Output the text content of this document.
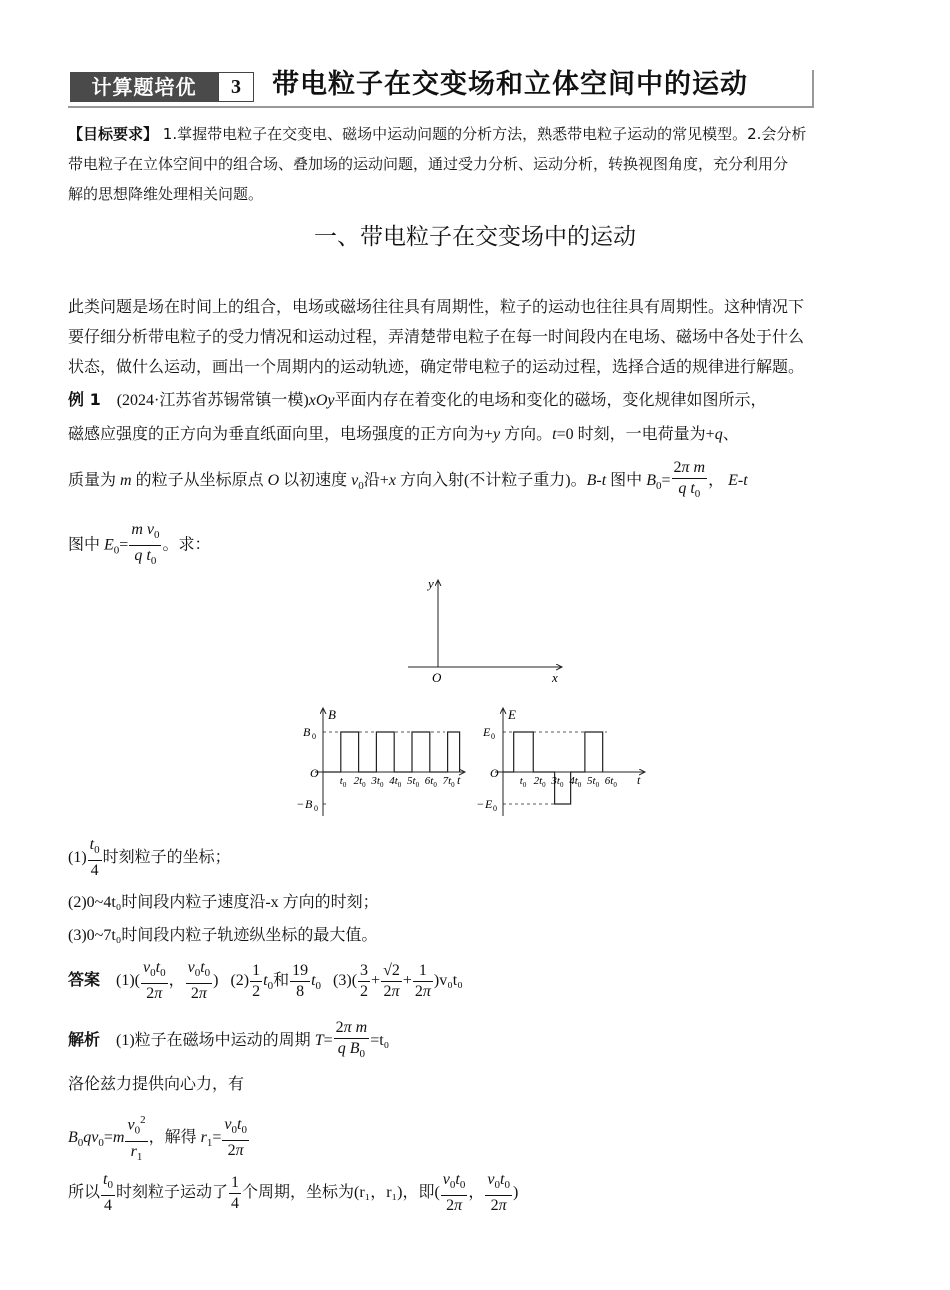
计算题培优	3	带电粒子在交变场和立体空间中的运动
【目标要求】 1.掌握带电粒子在交变电、磁场中运动问题的分析方法，熟悉带电粒子运动的常见模型。2.会分析
带电粒子在立体空间中的组合场、叠加场的运动问题，通过受力分析、运动分析，转换视图角度，充分利用分
解的思想降维处理相关问题。
一、带电粒子在交变场中的运动
此类问题是场在时间上的组合，电场或磁场往往具有周期性，粒子的运动也往往具有周期性。这种情况下
要仔细分析带电粒子的受力情况和运动过程，弄清楚带电粒子在每一时间段内在电场、磁场中各处于什么
状态，做什么运动，画出一个周期内的运动轨迹，确定带电粒子的运动过程，选择合适的规律进行解题。
例 1 (2024·江苏省苏锡常镇一模)xOy平面内存在着变化的电场和变化的磁场，变化规律如图所示，
磁感应强度的正方向为垂直纸面向里，电场强度的正方向为+y 方向。t=0 时刻，一电荷量为+q、
质量为 m 的粒子从坐标原点 O 以初速度 $v_0$沿+x 方向入射(不计粒子重力)。B-t 图中 $B_0= \frac{\text{2π m}}{q t_0}$ ， E-t
图中 $E_0= \frac{m v_0}{q t_0}$ 。求：
y
x
O
B
t
O
B 0
− B 0
$t_0$ $2t_0$ $3t_0$ $4t_0$ $5t_0$ $6t_0$ $7t_0$
E
t
O
E 0
− E 0
$t_0$ $2t_0$ $3t_0$ $4t_0$ $5t_0$ $6t_0$
$(1) \frac{t_0}{4}$ 时刻粒子的坐标；
(2)0~4t₀时间段内粒子速度沿-x 方向的时刻；
(3)0~7t₀时间段内粒子轨迹纵坐标的最大值。
答案 $(1)( \frac{v_0t_0}{2\pi}$ ， $\frac{v_0t_0}{2\pi}$ )   $(2) \frac{1}{2} t_0$和 $\frac{19}{8} t_0$ $(3)( \frac{3}{2} + \frac{√2}{2\pi} + \frac{1}{2\pi} )v_0t_0$
解析 (1)粒子在磁场中运动的周期 $T= \frac{\text{2π m}}{q B_0} =t_0$
洛伦兹力提供向心力，有
$B_0qv_0=m \frac{v_0^2}{r_1}$ ，解得 $r_1= \frac{v_0t_0}{2\pi}$
所以 $\frac{t_0}{4}$ 时刻粒子运动了 $\frac{1}{4}$ 个周期，坐标为(r₁，r₁)，即( $\frac{v_0t_0}{2\pi}$ ， $\frac{v_0t_0}{2\pi}$ )
